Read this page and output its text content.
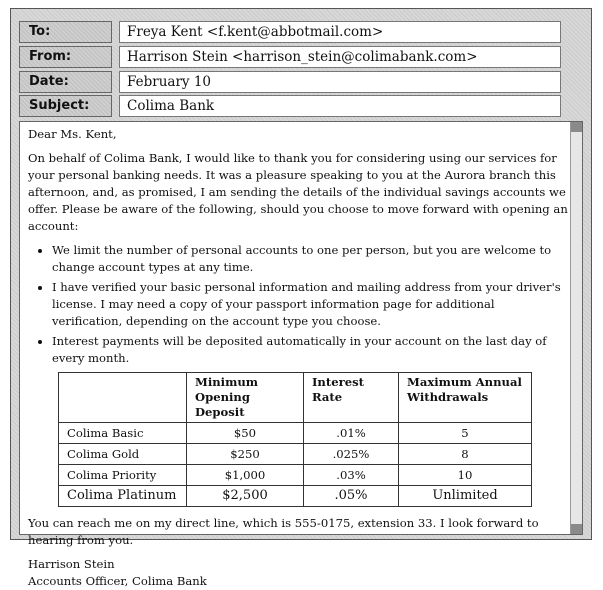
To:	Freya Kent <f.kent@abbotmail.com>
From:	Harrison Stein <harrison_stein@colimabank.com>
Date:	February 10
Subject:	Colima Bank

Dear Ms. Kent,

On behalf of Colima Bank, I would like to thank you for considering using our services for your personal banking needs. It was a pleasure speaking to you at the Aurora branch this afternoon, and, as promised, I am sending the details of the individual savings accounts we offer. Please be aware of the following, should you choose to move forward with opening an account:

• We limit the number of personal accounts to one per person, but you are welcome to change account types at any time.
• I have verified your basic personal information and mailing address from your driver's license. I may need a copy of your passport information page for additional verification, depending on the account type you choose.
• Interest payments will be deposited automatically in your account on the last day of every month.
	Minimum Opening Deposit	Interest Rate	Maximum Annual Withdrawals
Colima Basic	$50	.01%	5
Colima Gold	$250	.025%	8
Colima Priority	$1,000	.03%	10
Colima Platinum	$2,500	.05%	Unlimited

You can reach me on my direct line, which is 555-0175, extension 33. I look forward to hearing from you.

Harrison Stein
Accounts Officer, Colima Bank
